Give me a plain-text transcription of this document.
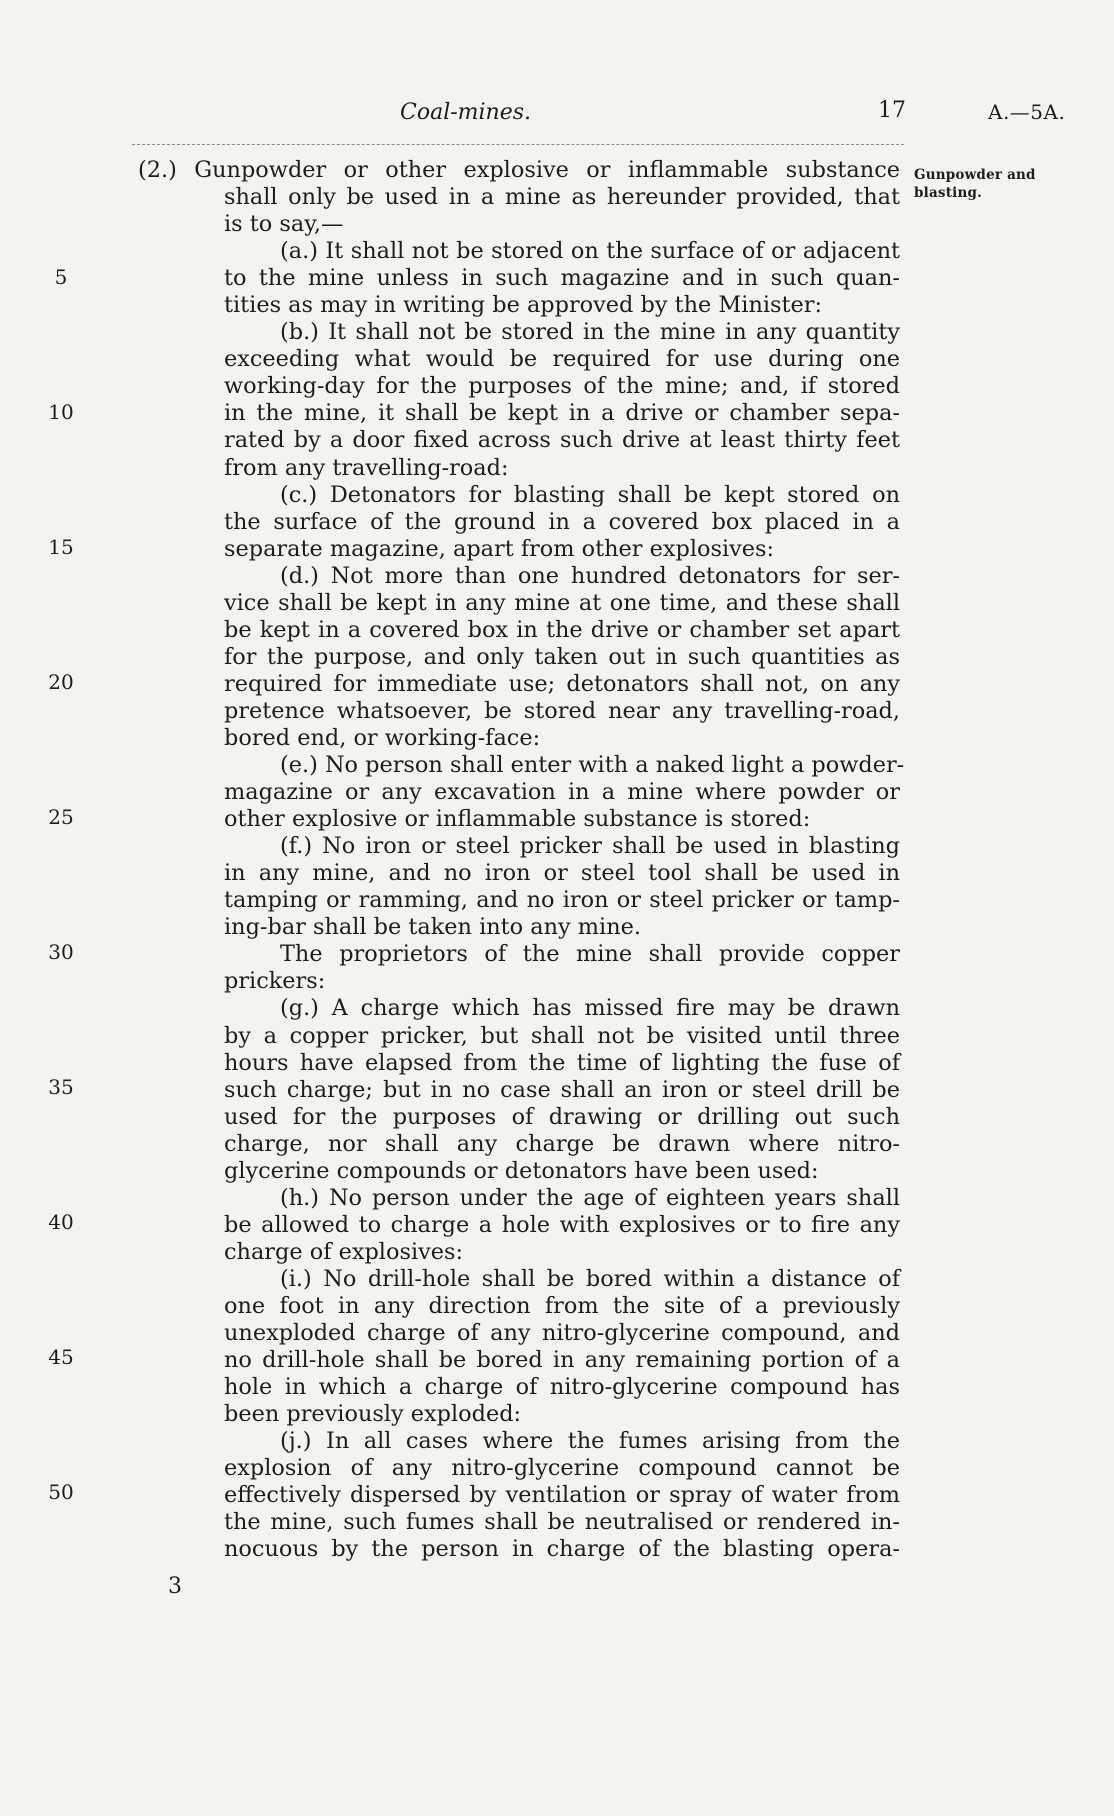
Coal-mines.	17	A.—5A.
Gunpowder and
blasting.
5
10
15
20
25
30
35
40
45
50
(2.) Gunpowder or other explosive or inflammable substance
shall only be used in a mine as hereunder provided, that
is to say,—
(a.) It shall not be stored on the surface of or adjacent
to the mine unless in such magazine and in such quan-
tities as may in writing be approved by the Minister:
(b.) It shall not be stored in the mine in any quantity
exceeding what would be required for use during one
working-day for the purposes of the mine; and, if stored
in the mine, it shall be kept in a drive or chamber sepa-
rated by a door fixed across such drive at least thirty feet
from any travelling-road:
(c.) Detonators for blasting shall be kept stored on
the surface of the ground in a covered box placed in a
separate magazine, apart from other explosives:
(d.) Not more than one hundred detonators for ser-
vice shall be kept in any mine at one time, and these shall
be kept in a covered box in the drive or chamber set apart
for the purpose, and only taken out in such quantities as
required for immediate use; detonators shall not, on any
pretence whatsoever, be stored near any travelling-road,
bored end, or working-face:
(e.) No person shall enter with a naked light a powder-
magazine or any excavation in a mine where powder or
other explosive or inflammable substance is stored:
(f.) No iron or steel pricker shall be used in blasting
in any mine, and no iron or steel tool shall be used in
tamping or ramming, and no iron or steel pricker or tamp-
ing-bar shall be taken into any mine.
The proprietors of the mine shall provide copper
prickers:
(g.) A charge which has missed fire may be drawn
by a copper pricker, but shall not be visited until three
hours have elapsed from the time of lighting the fuse of
such charge; but in no case shall an iron or steel drill be
used for the purposes of drawing or drilling out such
charge, nor shall any charge be drawn where nitro-
glycerine compounds or detonators have been used:
(h.) No person under the age of eighteen years shall
be allowed to charge a hole with explosives or to fire any
charge of explosives:
(i.) No drill-hole shall be bored within a distance of
one foot in any direction from the site of a previously
unexploded charge of any nitro-glycerine compound, and
no drill-hole shall be bored in any remaining portion of a
hole in which a charge of nitro-glycerine compound has
been previously exploded:
(j.) In all cases where the fumes arising from the
explosion of any nitro-glycerine compound cannot be
effectively dispersed by ventilation or spray of water from
the mine, such fumes shall be neutralised or rendered in-
nocuous by the person in charge of the blasting opera-
3
